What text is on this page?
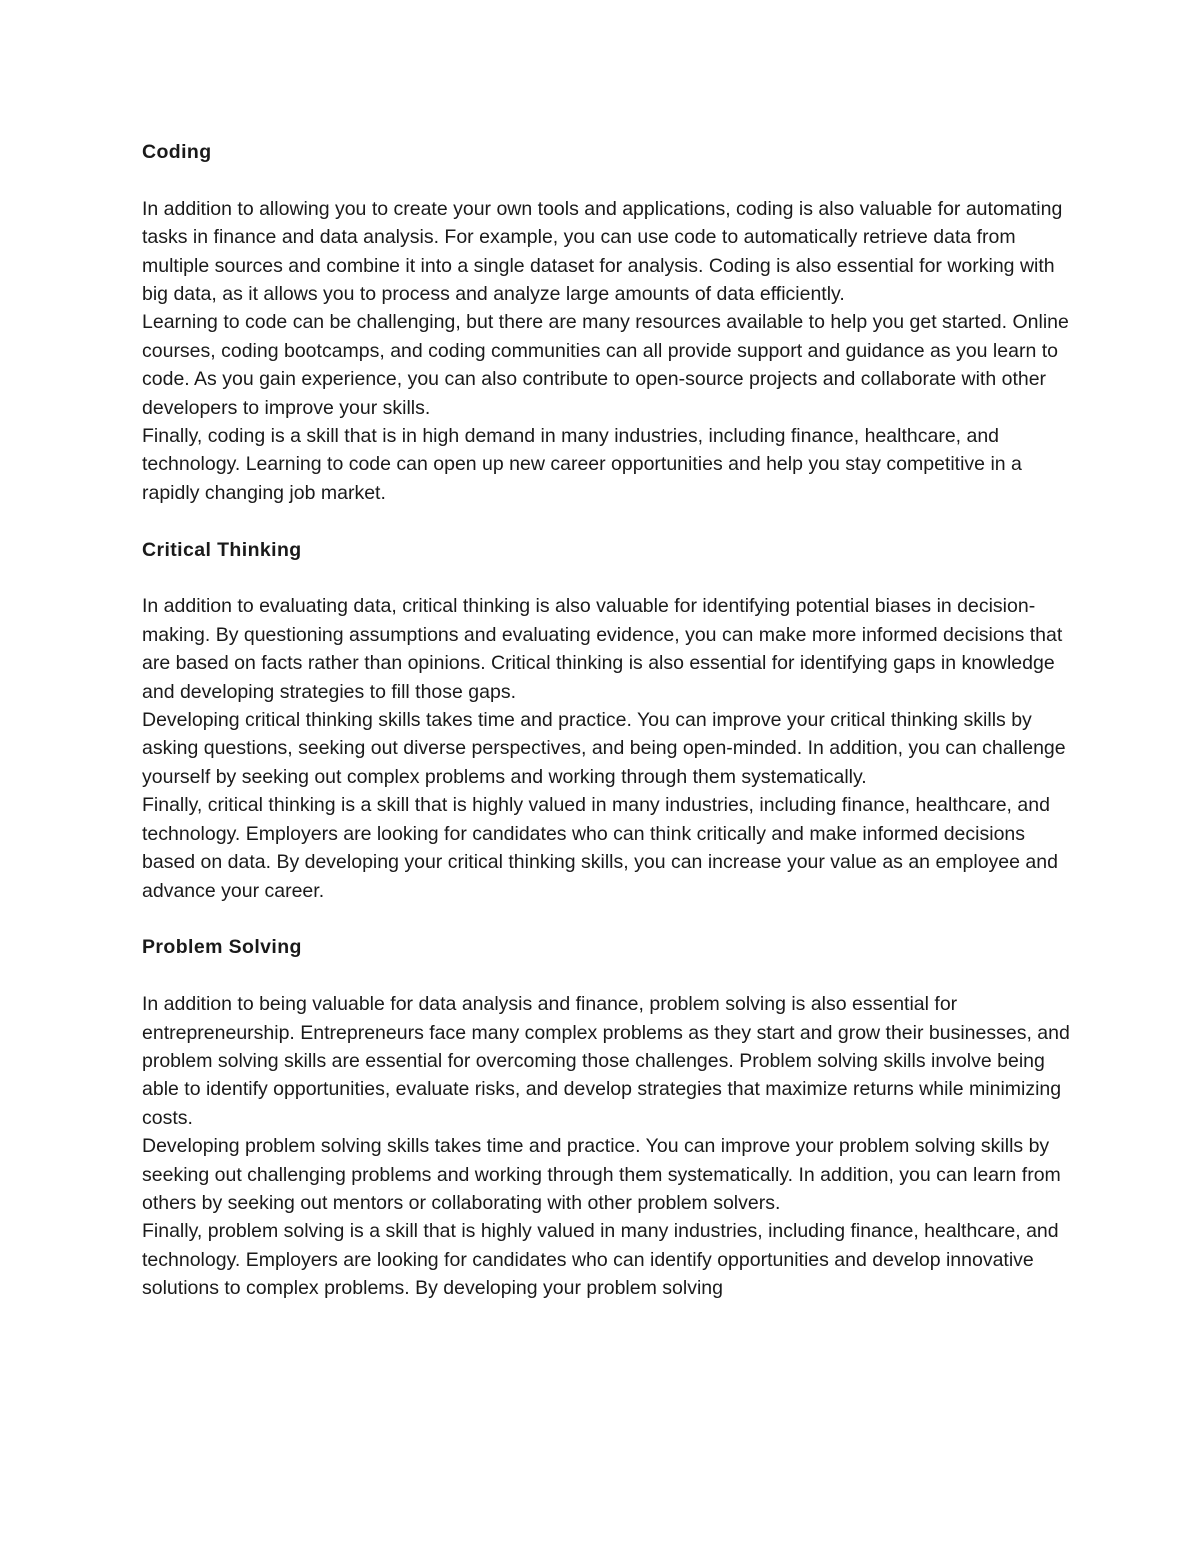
Coding

In addition to allowing you to create your own tools and applications, coding is also valuable for automating tasks in finance and data analysis. For example, you can use code to automatically retrieve data from multiple sources and combine it into a single dataset for analysis. Coding is also essential for working with big data, as it allows you to process and analyze large amounts of data efficiently.

Learning to code can be challenging, but there are many resources available to help you get started. Online courses, coding bootcamps, and coding communities can all provide support and guidance as you learn to code. As you gain experience, you can also contribute to open-source projects and collaborate with other developers to improve your skills.

Finally, coding is a skill that is in high demand in many industries, including finance, healthcare, and technology. Learning to code can open up new career opportunities and help you stay competitive in a rapidly changing job market.

Critical Thinking

In addition to evaluating data, critical thinking is also valuable for identifying potential biases in decision-making. By questioning assumptions and evaluating evidence, you can make more informed decisions that are based on facts rather than opinions. Critical thinking is also essential for identifying gaps in knowledge and developing strategies to fill those gaps.

Developing critical thinking skills takes time and practice. You can improve your critical thinking skills by asking questions, seeking out diverse perspectives, and being open-minded. In addition, you can challenge yourself by seeking out complex problems and working through them systematically.

Finally, critical thinking is a skill that is highly valued in many industries, including finance, healthcare, and technology. Employers are looking for candidates who can think critically and make informed decisions based on data. By developing your critical thinking skills, you can increase your value as an employee and advance your career.

Problem Solving

In addition to being valuable for data analysis and finance, problem solving is also essential for entrepreneurship. Entrepreneurs face many complex problems as they start and grow their businesses, and problem solving skills are essential for overcoming those challenges. Problem solving skills involve being able to identify opportunities, evaluate risks, and develop strategies that maximize returns while minimizing costs.

Developing problem solving skills takes time and practice. You can improve your problem solving skills by seeking out challenging problems and working through them systematically. In addition, you can learn from others by seeking out mentors or collaborating with other problem solvers.

Finally, problem solving is a skill that is highly valued in many industries, including finance, healthcare, and technology. Employers are looking for candidates who can identify opportunities and develop innovative solutions to complex problems. By developing your problem solving
